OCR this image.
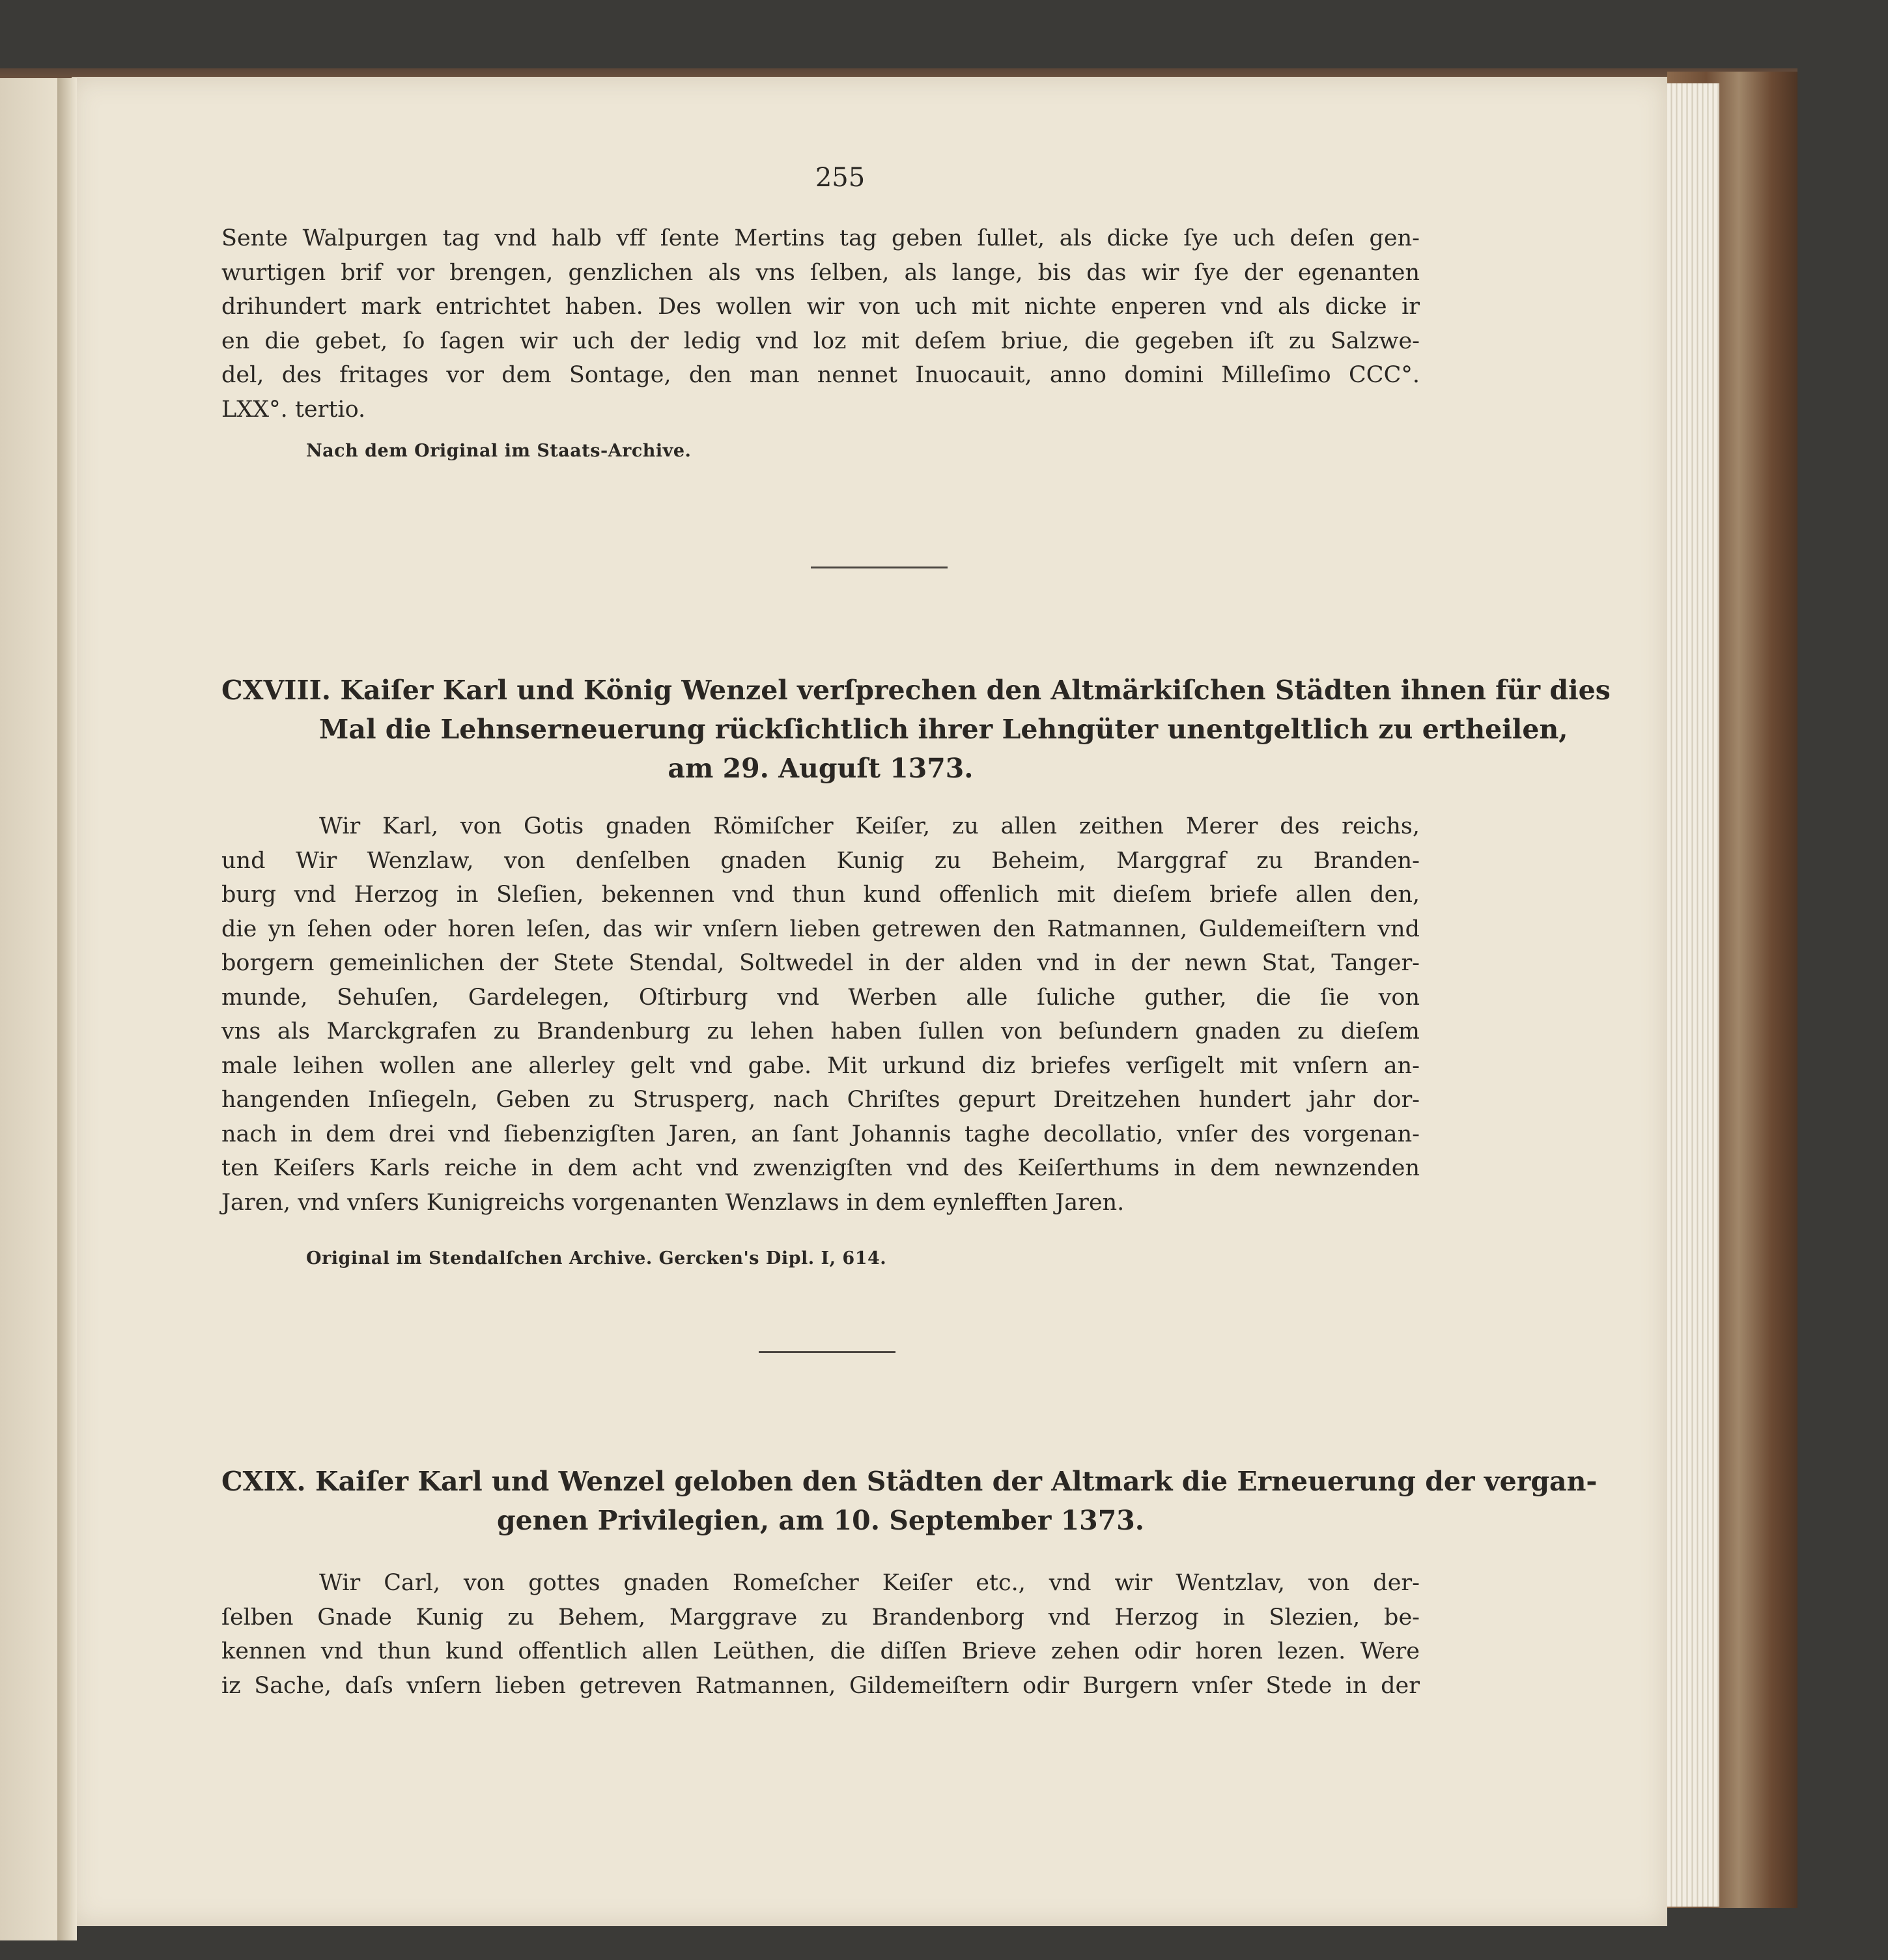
255
Sente Walpurgen tag vnd halb vff ſente Mertins tag geben ſullet, als dicke ſye uch deſen gen-
wurtigen brif vor brengen, genzlichen als vns ſelben, als lange, bis das wir ſye der egenanten
drihundert mark entrichtet haben. Des wollen wir von uch mit nichte enperen vnd als dicke ir
en die gebet, ſo ſagen wir uch der ledig vnd loz mit deſem briue, die gegeben iſt zu Salzwe-
del, des fritages vor dem Sontage, den man nennet Inuocauit, anno domini Milleſimo CCC°.
LXX°. tertio.
Nach dem Original im Staats-Archive.
CXVIII. Kaiſer Karl und König Wenzel verſprechen den Altmärkiſchen Städten ihnen für dies
Mal die Lehnserneuerung rückſichtlich ihrer Lehngüter unentgeltlich zu ertheilen,
am 29. Auguſt 1373.
Wir Karl, von Gotis gnaden Römiſcher Keiſer, zu allen zeithen Merer des reichs,
und Wir Wenzlaw, von denſelben gnaden Kunig zu Beheim, Marggraf zu Branden-
burg vnd Herzog in Sleſien, bekennen vnd thun kund offenlich mit dieſem briefe allen den,
die yn ſehen oder horen leſen, das wir vnſern lieben getrewen den Ratmannen, Guldemeiſtern vnd
borgern gemeinlichen der Stete Stendal, Soltwedel in der alden vnd in der newn Stat, Tanger-
munde, Sehuſen, Gardelegen, Oſtirburg vnd Werben alle ſuliche guther, die ſie von
vns als Marckgrafen zu Brandenburg zu lehen haben ſullen von beſundern gnaden zu dieſem
male leihen wollen ane allerley gelt vnd gabe. Mit urkund diz briefes verſigelt mit vnſern an-
hangenden Inſiegeln, Geben zu Strusperg, nach Chriſtes gepurt Dreitzehen hundert jahr dor-
nach in dem drei vnd ſiebenzigſten Jaren, an ſant Johannis taghe decollatio, vnſer des vorgenan-
ten Keiſers Karls reiche in dem acht vnd zwenzigſten vnd des Keiſerthums in dem newnzenden
Jaren, vnd vnſers Kunigreichs vorgenanten Wenzlaws in dem eynlefften Jaren.
Original im Stendalſchen Archive. Gercken's Dipl. I, 614.
CXIX. Kaiſer Karl und Wenzel geloben den Städten der Altmark die Erneuerung der vergan-
genen Privilegien, am 10. September 1373.
Wir Carl, von gottes gnaden Romeſcher Keiſer etc., vnd wir Wentzlav, von der-
ſelben Gnade Kunig zu Behem, Marggrave zu Brandenborg vnd Herzog in Slezien, be-
kennen vnd thun kund offentlich allen Leüthen, die diſſen Brieve zehen odir horen lezen. Were
iz Sache, daſs vnſern lieben getreven Ratmannen, Gildemeiſtern odir Burgern vnſer Stede in der
